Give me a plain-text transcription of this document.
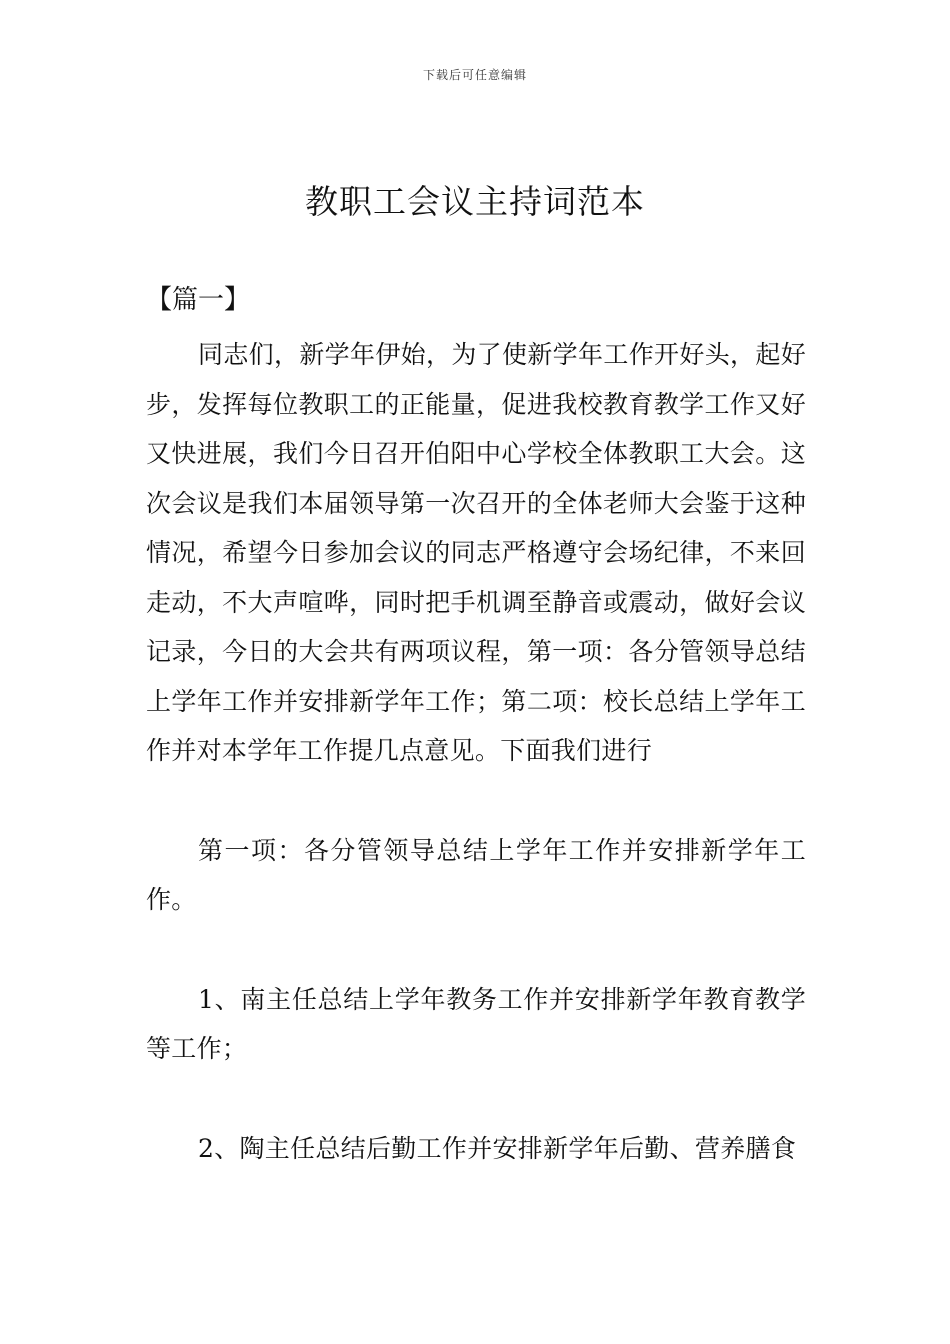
下载后可任意编辑
教职工会议主持词范本
【篇一】

同志们，新学年伊始，为了使新学年工作开好头，起好步，发挥每位教职工的正能量，促进我校教育教学工作又好又快进展，我们今日召开伯阳中心学校全体教职工大会。这次会议是我们本届领导第一次召开的全体老师大会鉴于这种情况，希望今日参加会议的同志严格遵守会场纪律，不来回走动，不大声喧哗，同时把手机调至静音或震动，做好会议记录，今日的大会共有两项议程，第一项：各分管领导总结上学年工作并安排新学年工作；第二项：校长总结上学年工作并对本学年工作提几点意见。下面我们进行

第一项：各分管领导总结上学年工作并安排新学年工作。

1、南主任总结上学年教务工作并安排新学年教育教学等工作；

2、陶主任总结后勤工作并安排新学年后勤、营养膳食
